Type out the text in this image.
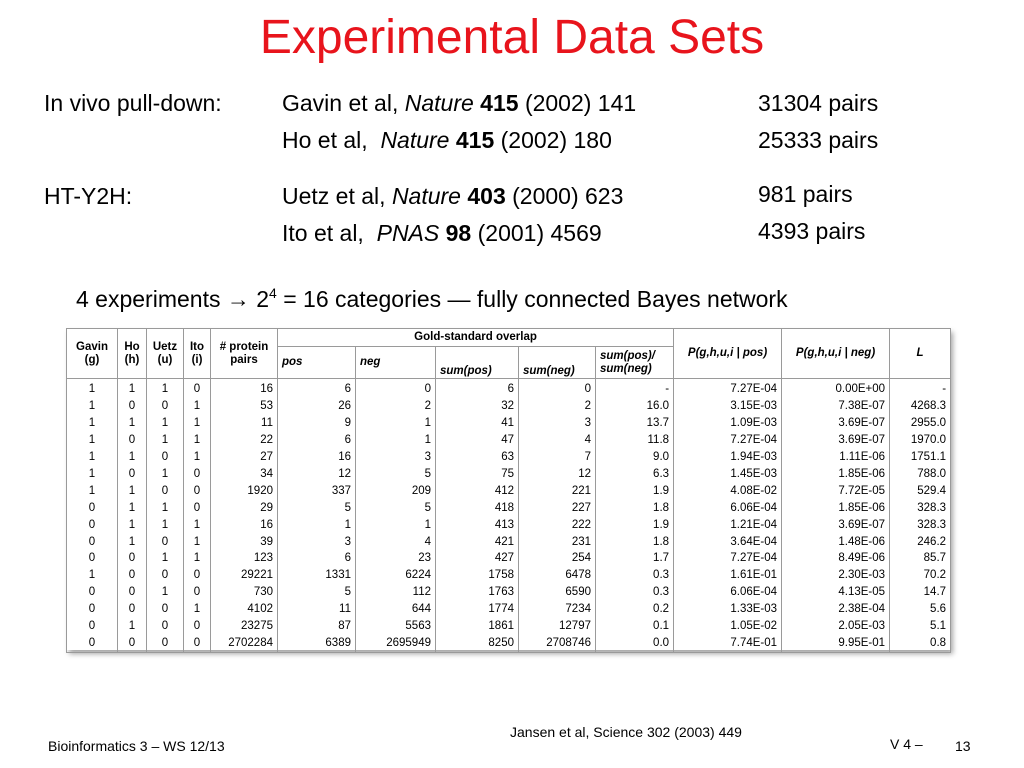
Experimental Data Sets
In vivo pull-down:	Gavin et al, Nature 415 (2002) 141	31304 pairs
Ho et al, Nature 415 (2002) 180	25333 pairs
HT-Y2H:	Uetz et al, Nature 403 (2000) 623	981 pairs
Ito et al, PNAS 98 (2001) 4569	4393 pairs
4 experiments → $2^4 = 16$ categories — fully connected Bayes network
Gavin (g)	Ho (h)	Uetz (u)	Ito (i)	# protein pairs	Gold-standard overlap					P(g,h,u,i | pos)	P(g,h,u,i | neg)	L
					pos	neg	sum(pos)	sum(neg)	sum(pos)/ sum(neg)			
1	1	1	0	16	6	0	6	0	-	7.27E-04	0.00E+00	-
1	0	0	1	53	26	2	32	2	16.0	3.15E-03	7.38E-07	4268.3
1	1	1	1	11	9	1	41	3	13.7	1.09E-03	3.69E-07	2955.0
1	0	1	1	22	6	1	47	4	11.8	7.27E-04	3.69E-07	1970.0
1	1	0	1	27	16	3	63	7	9.0	1.94E-03	1.11E-06	1751.1
1	0	1	0	34	12	5	75	12	6.3	1.45E-03	1.85E-06	788.0
1	1	0	0	1920	337	209	412	221	1.9	4.08E-02	7.72E-05	529.4
0	1	1	0	29	5	5	418	227	1.8	6.06E-04	1.85E-06	328.3
0	1	1	1	16	1	1	413	222	1.9	1.21E-04	3.69E-07	328.3
0	1	0	1	39	3	4	421	231	1.8	3.64E-04	1.48E-06	246.2
0	0	1	1	123	6	23	427	254	1.7	7.27E-04	8.49E-06	85.7
1	0	0	0	29221	1331	6224	1758	6478	0.3	1.61E-01	2.30E-03	70.2
0	0	1	0	730	5	112	1763	6590	0.3	6.06E-04	4.13E-05	14.7
0	0	0	1	4102	11	644	1774	7234	0.2	1.33E-03	2.38E-04	5.6
0	1	0	0	23275	87	5563	1861	12797	0.1	1.05E-02	2.05E-03	5.1
0	0	0	0	2702284	6389	2695949	8250	2708746	0.0	7.74E-01	9.95E-01	0.8
Bioinformatics 3 – WS 12/13
Jansen et al, Science 302 (2003) 449
V 4 – 13
